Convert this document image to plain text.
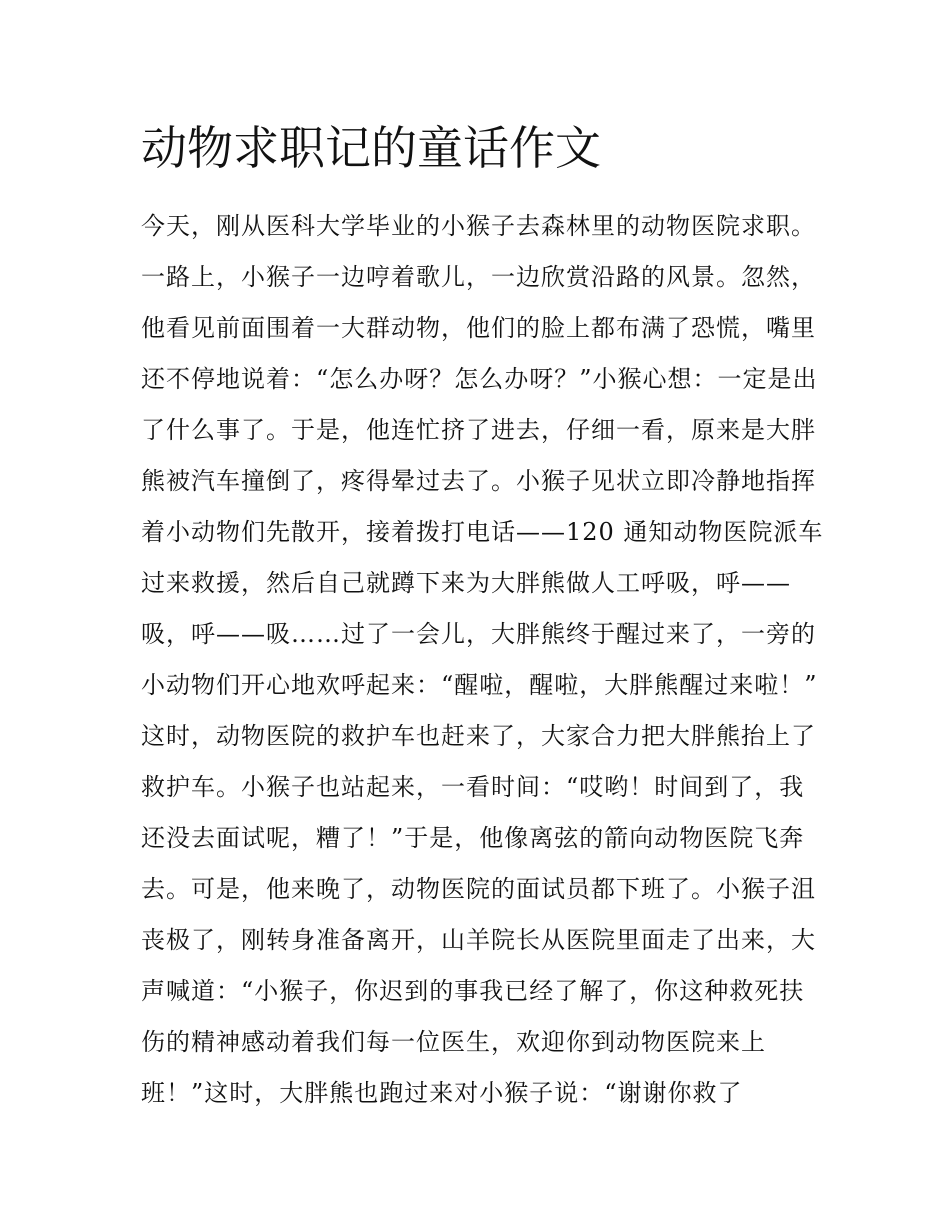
动物求职记的童话作文
今天，刚从医科大学毕业的小猴子去森林里的动物医院求职。
一路上，小猴子一边哼着歌儿，一边欣赏沿路的风景。忽然，
他看见前面围着一大群动物，他们的脸上都布满了恐慌，嘴里
还不停地说着：“怎么办呀？怎么办呀？”小猴心想：一定是出
了什么事了。于是，他连忙挤了进去，仔细一看，原来是大胖
熊被汽车撞倒了，疼得晕过去了。小猴子见状立即冷静地指挥
着小动物们先散开，接着拨打电话——120 通知动物医院派车
过来救援，然后自己就蹲下来为大胖熊做人工呼吸，呼——
吸，呼——吸……过了一会儿，大胖熊终于醒过来了，一旁的
小动物们开心地欢呼起来：“醒啦，醒啦，大胖熊醒过来啦！”
这时，动物医院的救护车也赶来了，大家合力把大胖熊抬上了
救护车。小猴子也站起来，一看时间：“哎哟！时间到了，我
还没去面试呢，糟了！”于是，他像离弦的箭向动物医院飞奔
去。可是，他来晚了，动物医院的面试员都下班了。小猴子沮
丧极了，刚转身准备离开，山羊院长从医院里面走了出来，大
声喊道：“小猴子，你迟到的事我已经了解了，你这种救死扶
伤的精神感动着我们每一位医生，欢迎你到动物医院来上
班！”这时，大胖熊也跑过来对小猴子说：“谢谢你救了
